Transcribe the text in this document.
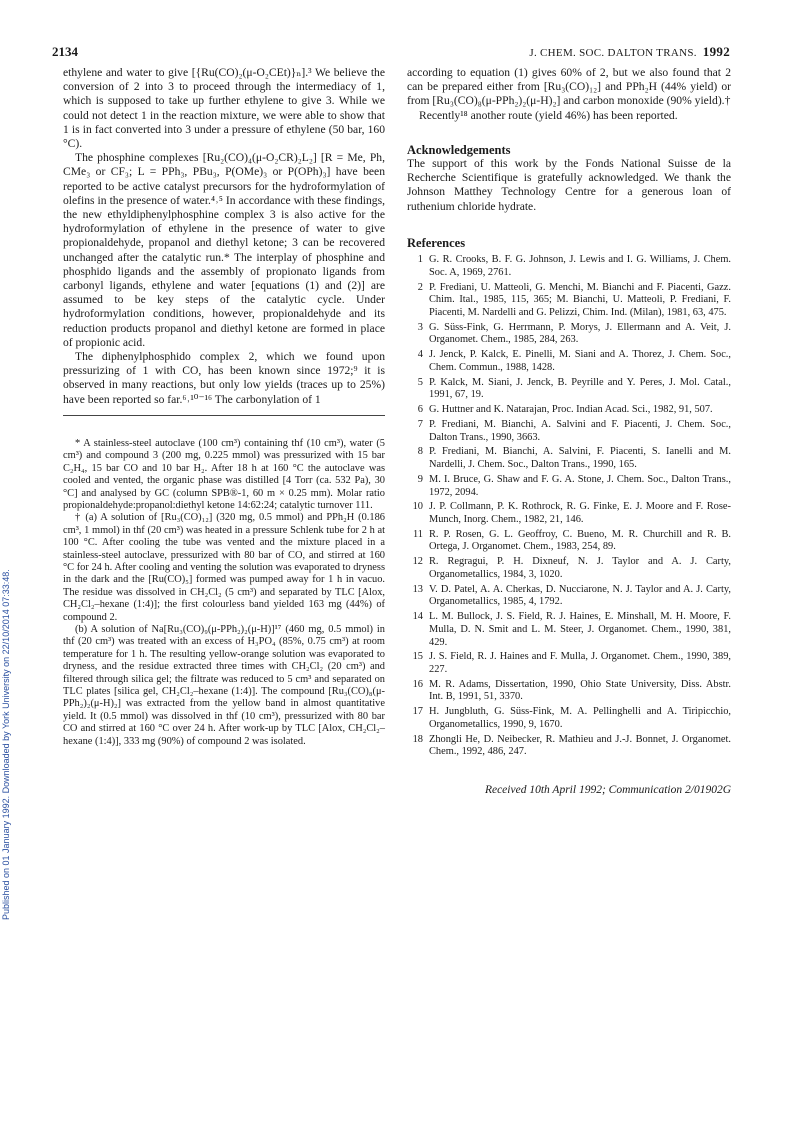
2134	J. CHEM. SOC. DALTON TRANS. 1992
Published on 01 January 1992. Downloaded by York University on 22/10/2014 07:33:48.

ethylene and water to give [{Ru(CO)₂(μ-O₂CEt)}ₙ].³ We believe the conversion of 2 into 3 to proceed through the intermediacy of 1, which is supposed to take up further ethylene to give 3. While we could not detect 1 in the reaction mixture, we were able to show that 1 is in fact converted into 3 under a pressure of ethylene (50 bar, 160 °C).

The phosphine complexes [Ru₂(CO)₄(μ-O₂CR)₂L₂] [R = Me, Ph, CMe₃ or CF₃; L = PPh₃, PBu₃, P(OMe)₃ or P(OPh)₃] have been reported to be active catalyst precursors for the hydroformylation of olefins in the presence of water.⁴˒⁵ In accordance with these findings, the new ethyldiphenylphosphine complex 3 is also active for the hydroformylation of ethylene in the presence of water to give propionaldehyde, propanol and diethyl ketone; 3 can be recovered unchanged after the catalytic run.* The interplay of phosphine and phosphido ligands and the assembly of propionato ligands from carbonyl ligands, ethylene and water [equations (1) and (2)] are assumed to be key steps of the catalytic cycle. Under hydroformylation conditions, however, propionaldehyde and its reduction products propanol and diethyl ketone are formed in place of propionic acid.

The diphenylphosphido complex 2, which we found upon pressurizing of 1 with CO, has been known since 1972;⁹ it is observed in many reactions, but only low yields (traces up to 25%) have been reported so far.⁶˒¹⁰⁻¹⁶ The carbonylation of 1

* A stainless-steel autoclave (100 cm³) containing thf (10 cm³), water (5 cm³) and compound 3 (200 mg, 0.225 mmol) was pressurized with 15 bar C₂H₄, 15 bar CO and 10 bar H₂. After 18 h at 160 °C the autoclave was cooled and vented, the organic phase was distilled [4 Torr (ca. 532 Pa), 30 °C] and analysed by GC (column SPB®-1, 60 m × 0.25 mm). Molar ratio propionaldehyde:propanol:diethyl ketone 14:62:24; catalytic turnover 111.

† (a) A solution of [Ru₃(CO)₁₂] (320 mg, 0.5 mmol) and PPh₂H (0.186 cm³, 1 mmol) in thf (20 cm³) was heated in a pressure Schlenk tube for 2 h at 100 °C. After cooling the tube was vented and the mixture placed in a stainless-steel autoclave, pressurized with 80 bar of CO, and stirred at 160 °C for 24 h. After cooling and venting the solution was evaporated to dryness in the dark and the [Ru(CO)₅] formed was pumped away for 1 h in vacuo. The residue was dissolved in CH₂Cl₂ (5 cm³) and separated by TLC [Alox, CH₂Cl₂–hexane (1:4)]; the first colourless band yielded 163 mg (44%) of compound 2.

(b) A solution of Na[Ru₃(CO)₉(μ-PPh₂)₂(μ-H)]¹⁷ (460 mg, 0.5 mmol) in thf (20 cm³) was treated with an excess of H₃PO₄ (85%, 0.75 cm³) at room temperature for 1 h. The resulting yellow-orange solution was evaporated to dryness, and the residue extracted three times with CH₂Cl₂ (20 cm³) and filtered through silica gel; the filtrate was reduced to 5 cm³ and separated on TLC plates [silica gel, CH₂Cl₂–hexane (1:4)]. The compound [Ru₃(CO)₈(μ-PPh₂)₂(μ-H)₂] was extracted from the yellow band in almost quantitative yield. It (0.5 mmol) was dissolved in thf (10 cm³), pressurized with 80 bar CO and stirred at 160 °C over 24 h. After work-up by TLC [Alox, CH₂Cl₂–hexane (1:4)], 333 mg (90%) of compound 2 was isolated.

according to equation (1) gives 60% of 2, but we also found that 2 can be prepared either from [Ru₃(CO)₁₂] and PPh₂H (44% yield) or from [Ru₃(CO)₈(μ-PPh₂)₂(μ-H)₂] and carbon monoxide (90% yield).†

Recently¹⁸ another route (yield 46%) has been reported.

Acknowledgements

The support of this work by the Fonds National Suisse de la Recherche Scientifique is gratefully acknowledged. We thank the Johnson Matthey Technology Centre for a generous loan of ruthenium chloride hydrate.

References
1 G. R. Crooks, B. F. G. Johnson, J. Lewis and I. G. Williams, J. Chem. Soc. A, 1969, 2761.
2 P. Frediani, U. Matteoli, G. Menchi, M. Bianchi and F. Piacenti, Gazz. Chim. Ital., 1985, 115, 365; M. Bianchi, U. Matteoli, P. Frediani, F. Piacenti, M. Nardelli and G. Pelizzi, Chim. Ind. (Milan), 1981, 63, 475.
3 G. Süss-Fink, G. Herrmann, P. Morys, J. Ellermann and A. Veit, J. Organomet. Chem., 1985, 284, 263.
4 J. Jenck, P. Kalck, E. Pinelli, M. Siani and A. Thorez, J. Chem. Soc., Chem. Commun., 1988, 1428.
5 P. Kalck, M. Siani, J. Jenck, B. Peyrille and Y. Peres, J. Mol. Catal., 1991, 67, 19.
6 G. Huttner and K. Natarajan, Proc. Indian Acad. Sci., 1982, 91, 507.
7 P. Frediani, M. Bianchi, A. Salvini and F. Piacenti, J. Chem. Soc., Dalton Trans., 1990, 3663.
8 P. Frediani, M. Bianchi, A. Salvini, F. Piacenti, S. Ianelli and M. Nardelli, J. Chem. Soc., Dalton Trans., 1990, 165.
9 M. I. Bruce, G. Shaw and F. G. A. Stone, J. Chem. Soc., Dalton Trans., 1972, 2094.
10 J. P. Collmann, P. K. Rothrock, R. G. Finke, E. J. Moore and F. Rose-Munch, Inorg. Chem., 1982, 21, 146.
11 R. P. Rosen, G. L. Geoffroy, C. Bueno, M. R. Churchill and R. B. Ortega, J. Organomet. Chem., 1983, 254, 89.
12 R. Regragui, P. H. Dixneuf, N. J. Taylor and A. J. Carty, Organometallics, 1984, 3, 1020.
13 V. D. Patel, A. A. Cherkas, D. Nucciarone, N. J. Taylor and A. J. Carty, Organometallics, 1985, 4, 1792.
14 L. M. Bullock, J. S. Field, R. J. Haines, E. Minshall, M. H. Moore, F. Mulla, D. N. Smit and L. M. Steer, J. Organomet. Chem., 1990, 381, 429.
15 J. S. Field, R. J. Haines and F. Mulla, J. Organomet. Chem., 1990, 389, 227.
16 M. R. Adams, Dissertation, 1990, Ohio State University, Diss. Abstr. Int. B, 1991, 51, 3370.
17 H. Jungbluth, G. Süss-Fink, M. A. Pellinghelli and A. Tiripicchio, Organometallics, 1990, 9, 1670.
18 Zhongli He, D. Neibecker, R. Mathieu and J.-J. Bonnet, J. Organomet. Chem., 1992, 486, 247.
Received 10th April 1992; Communication 2/01902G
